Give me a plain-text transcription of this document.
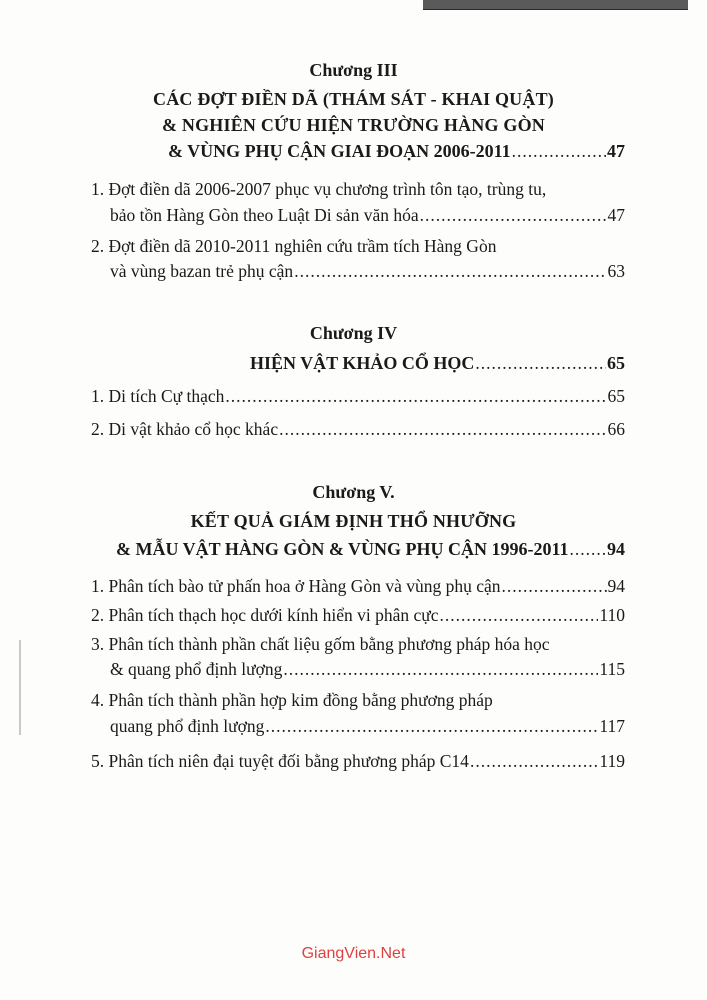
Chương III
CÁC ĐỢT ĐIỀN DÃ (THÁM SÁT - KHAI QUẬT)
& NGHIÊN CỨU HIỆN TRƯỜNG HÀNG GÒN
& VÙNG PHỤ CẬN GIAI ĐOẠN 2006-2011 .....	47
1. Đợt điền dã 2006-2007 phục vụ chương trình tôn tạo, trùng tu,
bảo tồn Hàng Gòn theo Luật Di sản văn hóa .....	47
2. Đợt điền dã 2010-2011 nghiên cứu trầm tích Hàng Gòn
và vùng bazan trẻ phụ cận .....	63
Chương IV
HIỆN VẬT KHẢO CỔ HỌC .....	65
1. Di tích Cự thạch .....	65
2. Di vật khảo cổ học khác .....	66
Chương V.
KẾT QUẢ GIÁM ĐỊNH THỔ NHƯỠNG
& MẪU VẬT HÀNG GÒN & VÙNG PHỤ CẬN 1996-2011 ..... 94
1. Phân tích bào tử phấn hoa ở Hàng Gòn và vùng phụ cận .....	94
2. Phân tích thạch học dưới kính hiển vi phân cực .....	110
3. Phân tích thành phần chất liệu gốm bằng phương pháp hóa học
& quang phổ định lượng .....	115
4. Phân tích thành phần hợp kim đồng bằng phương pháp
quang phổ định lượng .....	117
5. Phân tích niên đại tuyệt đối bằng phương pháp C14 .....	119
GiangVien.Net
